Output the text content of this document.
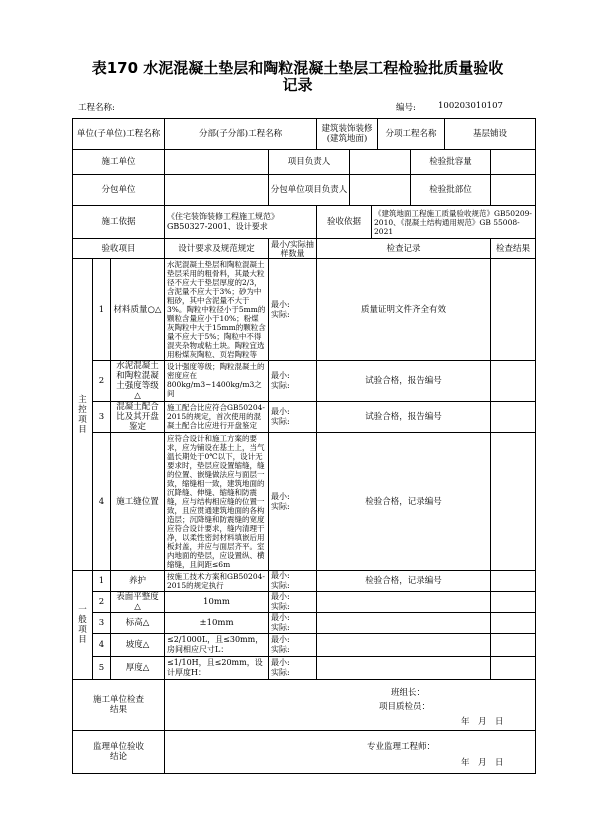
表170 水泥混凝土垫层和陶粒混凝土垫层工程检验批质量验收
记录
工程名称:	编号:	100203010107
单位(子单位)工程名称			分部(子分部)工程名称		建筑装饰装修(建筑地面) 分项工程名称 基层铺设	

施工单位				项目负责人 检验批容量		

分包单位				分包单位项目负责人 检验批部位		

施工依据			《住宅装饰装修工程施工规范》GB50327-2001、设计要求		验收依据
《建筑地面工程施工质量验收规范》GB50209-2010、《混凝土结构通用规范》GB 55008-2021	

验收项目			设计要求及规范规定	最小/实际抽样数量	检查记录	检查结果

主控项目	1	材料质量○△	水泥混凝土垫层和陶粒混凝土垫层采用的粗骨料，其最大粒径不应大于垫层厚度的2/3，含泥量不应大于3%；砂为中粗砂，其中含泥量不大于3%。陶粒中粒径小于5mm的颗粒含量应小于10%；粉煤灰陶粒中大于15mm的颗粒含量不应大于5%；陶粒中不得混夹杂物或粘土块。陶粒宜选用粉煤灰陶粒、页岩陶粒等	最小:
实际:	质量证明文件齐全有效	
	2	水泥混凝土和陶粒混凝土强度等级△	设计强度等级；陶粒混凝土的密度应在800kg/m3~1400kg/m3之间	最小:
实际:	试验合格，报告编号	
	3	混凝土配合比及其开盘鉴定	施工配合比应符合GB50204-2015的规定，首次使用的混凝土配合比应进行开盘鉴定	最小:
实际:	试验合格，报告编号	
	4	施工缝位置	应符合设计和施工方案的要求，应为铺设在基土上，当气温长期处于0℃以下，设计无要求时，垫层应设置缩缝，缝的位置、嵌缝做法应与面层一致，缩缝相一致，建筑地面的沉降缝、伸缝、缩缝和防震缝，应与结构相应缝的位置一致，且应贯通建筑地面的各构造层；沉降缝和防震缝的宽度应符合设计要求，缝内清理干净，以柔性密封材料填嵌后用板封盖，并应与面层齐平。室内地面的垫层，应设置纵、横缩缝，且间距≤6m	最小:
实际:	检验合格，记录编号	

一般项目	1	养护	按施工技术方案和GB50204-2015的规定执行	最小:
实际:	检验合格，记录编号	
	2	表面平整度△	10mm	最小:
实际:		

	3	标高△	±10mm	最小:
实际:		

	4	坡度△	≤2/1000L，且≤30mm，房间相应尺寸L：	最小:
实际:		

	5	厚度△	≤1/10H，且≤20mm，设计厚度H：	最小:
实际:		

施工单位检查结果			班组长：
项目质检员：
年　月　日			

监理单位验收结论			专业监理工程师：
年　月　日			
